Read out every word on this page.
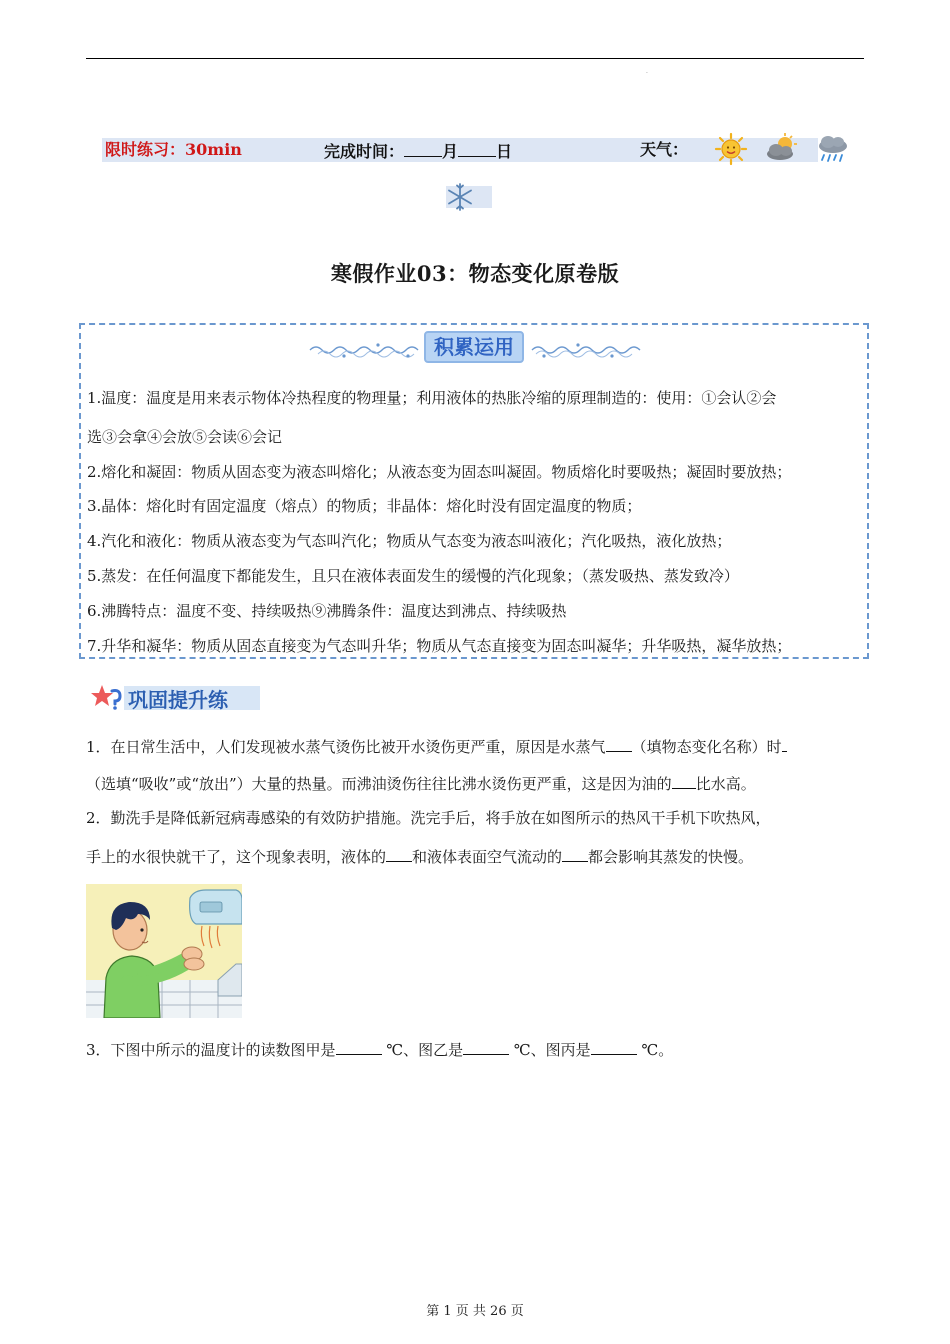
·
限时练习：30min	完成时间： 月 日	天气：
寒假作业03：物态变化原卷版
积累运用
1.温度：温度是用来表示物体冷热程度的物理量；利用液体的热胀冷缩的原理制造的：使用：①会认②会
选③会拿④会放⑤会读⑥会记
2.熔化和凝固：物质从固态变为液态叫熔化；从液态变为固态叫凝固。物质熔化时要吸热；凝固时要放热；
3.晶体：熔化时有固定温度（熔点）的物质；非晶体：熔化时没有固定温度的物质；
4.汽化和液化：物质从液态变为气态叫汽化；物质从气态变为液态叫液化；汽化吸热，液化放热；
5.蒸发：在任何温度下都能发生，且只在液体表面发生的缓慢的汽化现象；（蒸发吸热、蒸发致冷）
6.沸腾特点：温度不变、持续吸热⑨沸腾条件：温度达到沸点、持续吸热
7.升华和凝华：物质从固态直接变为气态叫升华；物质从气态直接变为固态叫凝华；升华吸热，凝华放热；
巩固提升练
1．在日常生活中，人们发现被水蒸气烫伤比被开水烫伤更严重，原因是水蒸气 （填物态变化名称）时
（选填“吸收”或“放出”）大量的热量。而沸油烫伤往往比沸水烫伤更严重，这是因为油的 比水高。
2．勤洗手是降低新冠病毒感染的有效防护措施。洗完手后，将手放在如图所示的热风干手机下吹热风，
手上的水很快就干了，这个现象表明，液体的 和液体表面空气流动的 都会影响其蒸发的快慢。
3．下图中所示的温度计的读数图甲是	℃、图乙是	℃、图丙是	℃。
第 1 页 共 26 页
